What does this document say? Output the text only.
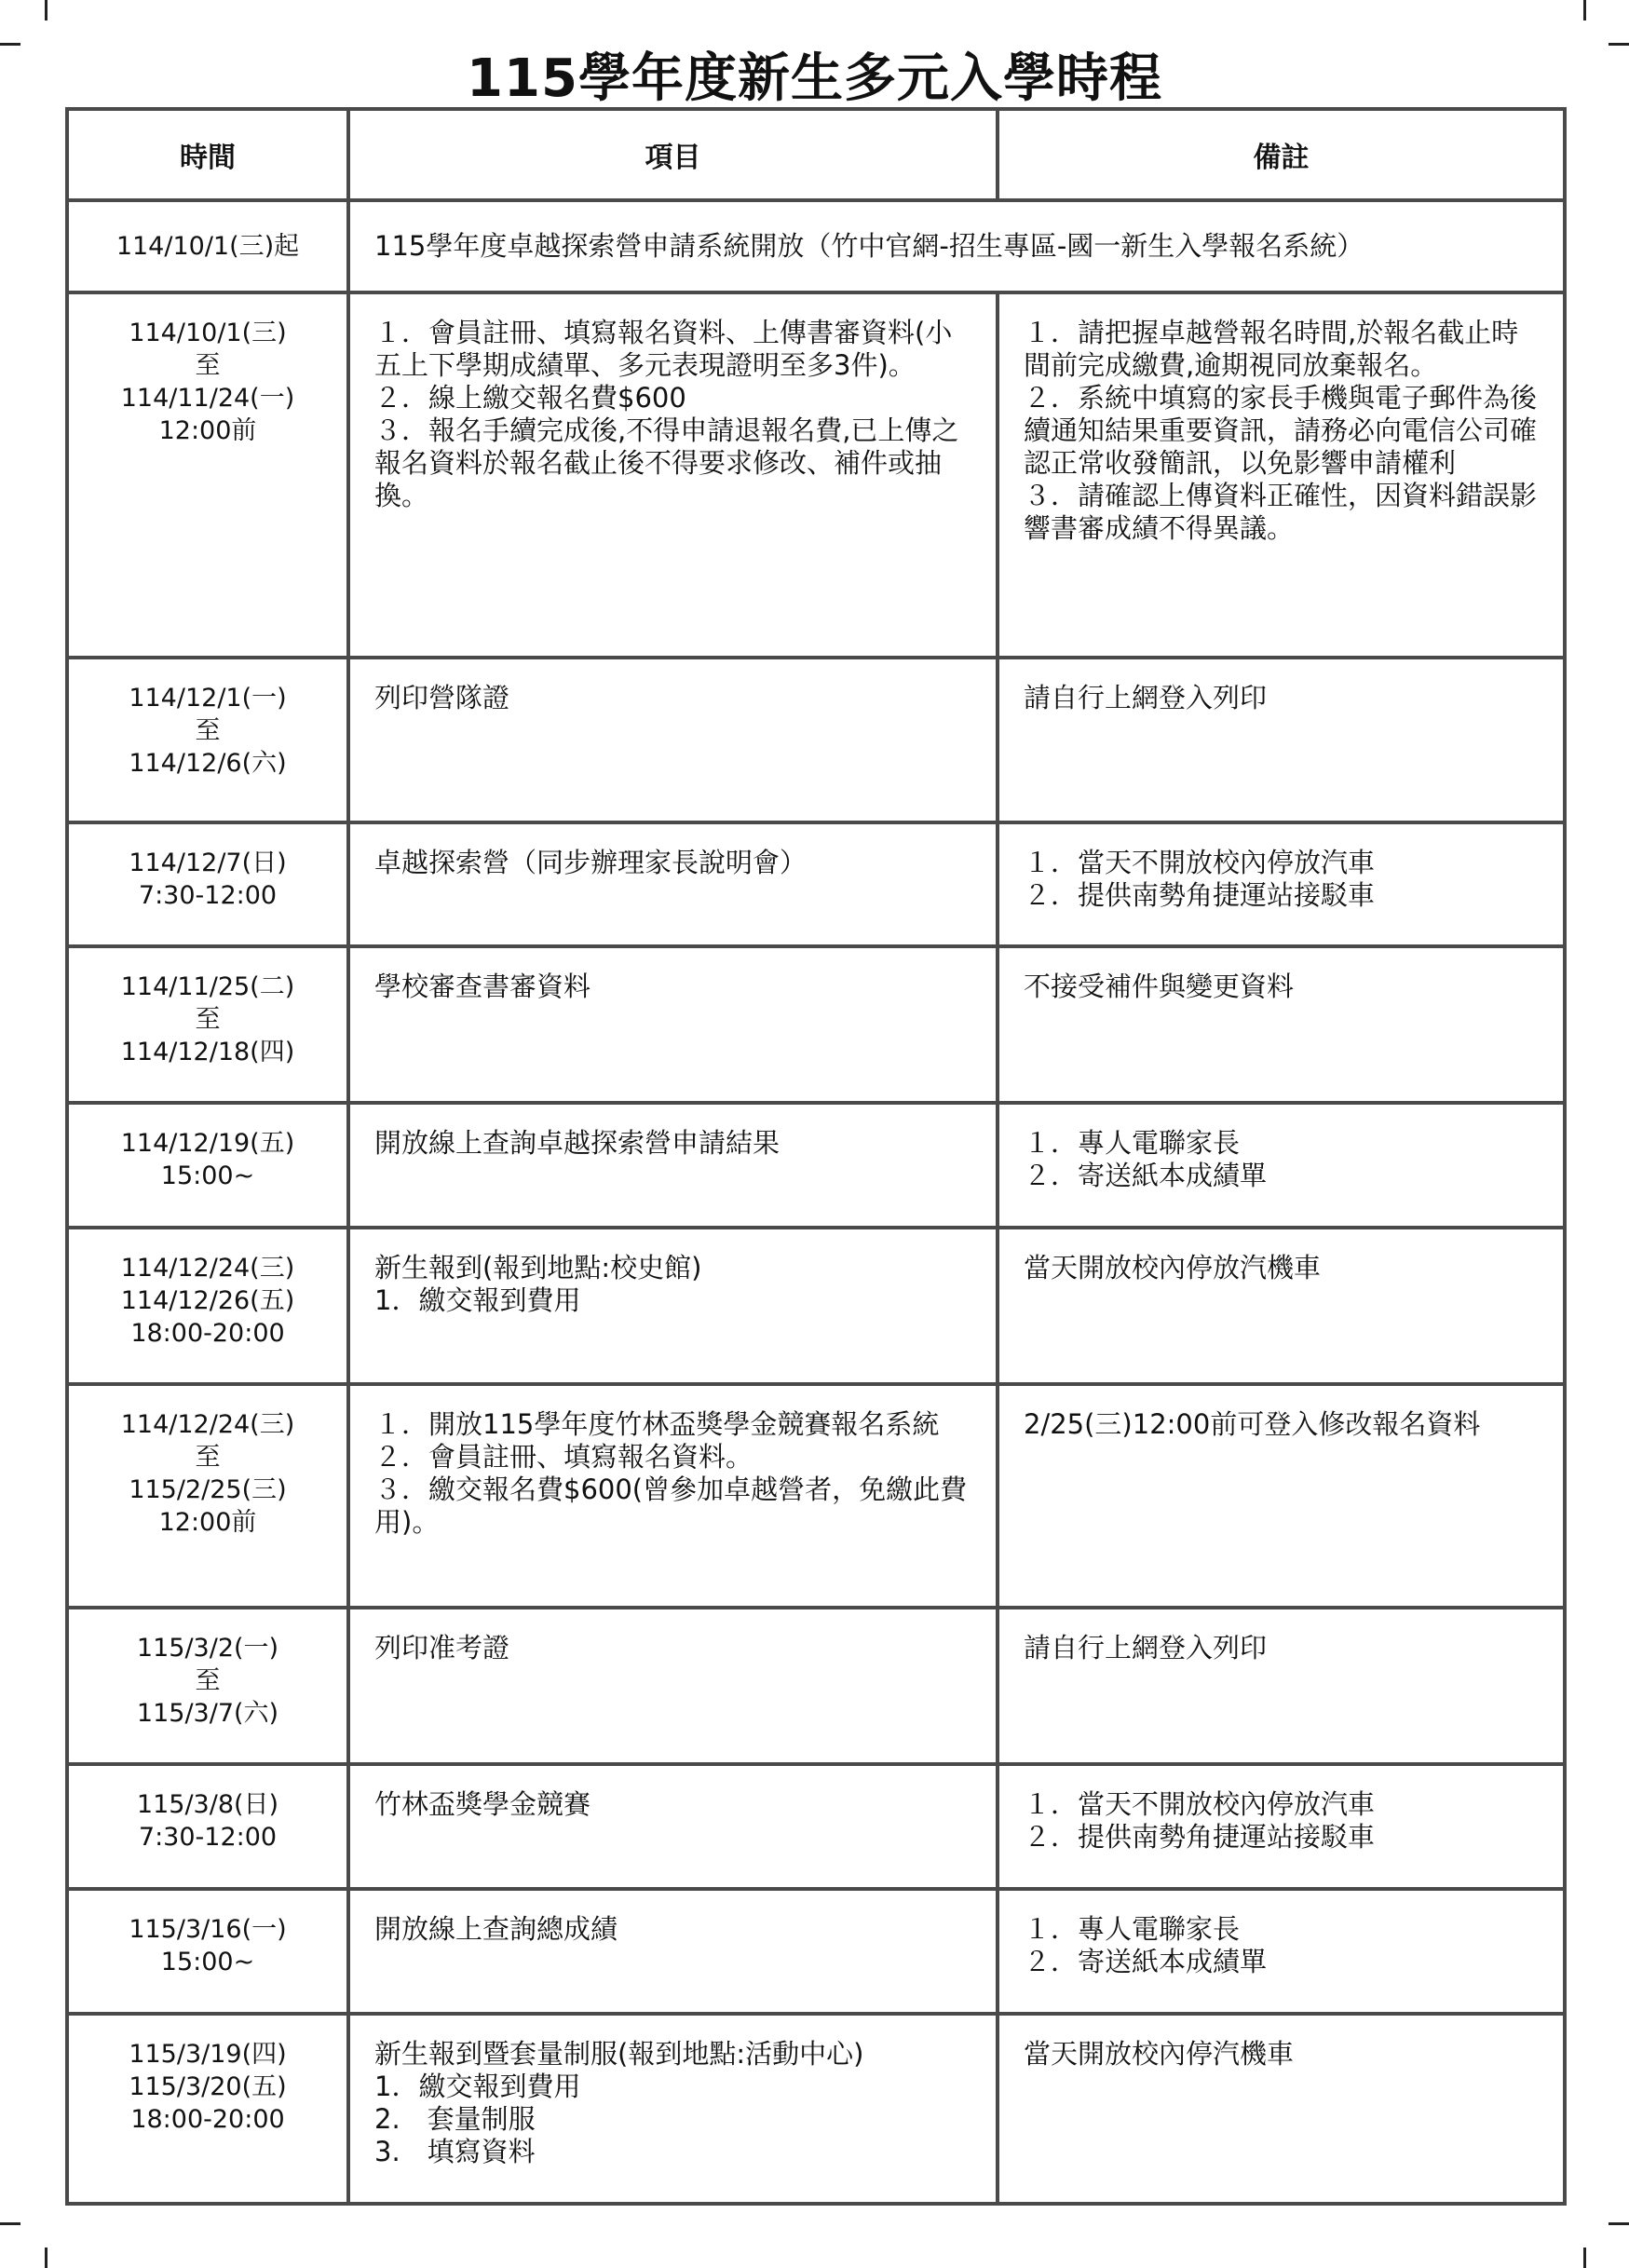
115學年度新生多元入學時程
時間	項目	備註

114/10/1(三)起	115學年度卓越探索營申請系統開放（竹中官網-招生專區-國一新生入學報名系統）	

114/10/1(三)
至
114/11/24(一)
12:00前	１．會員註冊、填寫報名資料、上傳書審資料(小五上下學期成績單、多元表現證明至多3件)。
２．線上繳交報名費$600
３．報名手續完成後,不得申請退報名費,已上傳之報名資料於報名截止後不得要求修改、補件或抽換。	１．請把握卓越營報名時間,於報名截止時間前完成繳費,逾期視同放棄報名。
２．系統中填寫的家長手機與電子郵件為後續通知結果重要資訊，請務必向電信公司確認正常收發簡訊，以免影響申請權利
３．請確認上傳資料正確性，因資料錯誤影響書審成績不得異議。

114/12/1(一)
至
114/12/6(六)	列印營隊證	請自行上網登入列印

114/12/7(日)
7:30-12:00	卓越探索營（同步辦理家長說明會）	１．當天不開放校內停放汽車
２．提供南勢角捷運站接駁車

114/11/25(二)
至
114/12/18(四)	學校審查書審資料	不接受補件與變更資料

114/12/19(五)
15:00~	開放線上查詢卓越探索營申請結果	１．專人電聯家長
２．寄送紙本成績單

114/12/24(三)
114/12/26(五)
18:00-20:00	新生報到(報到地點:校史館)
1．繳交報到費用	當天開放校內停放汽機車

114/12/24(三)
至
115/2/25(三)
12:00前	１．開放115學年度竹林盃獎學金競賽報名系統
２．會員註冊、填寫報名資料。
３．繳交報名費$600(曾參加卓越營者，免繳此費用)。	2/25(三)12:00前可登入修改報名資料

115/3/2(一)
至
115/3/7(六)	列印准考證	請自行上網登入列印

115/3/8(日)
7:30-12:00	竹林盃獎學金競賽	１．當天不開放校內停放汽車
２．提供南勢角捷運站接駁車

115/3/16(一)
15:00~	開放線上查詢總成績	１．專人電聯家長
２．寄送紙本成績單

115/3/19(四)
115/3/20(五)
18:00-20:00	新生報到暨套量制服(報到地點:活動中心)
1．繳交報到費用
2.　套量制服
3.　填寫資料	當天開放校內停汽機車
